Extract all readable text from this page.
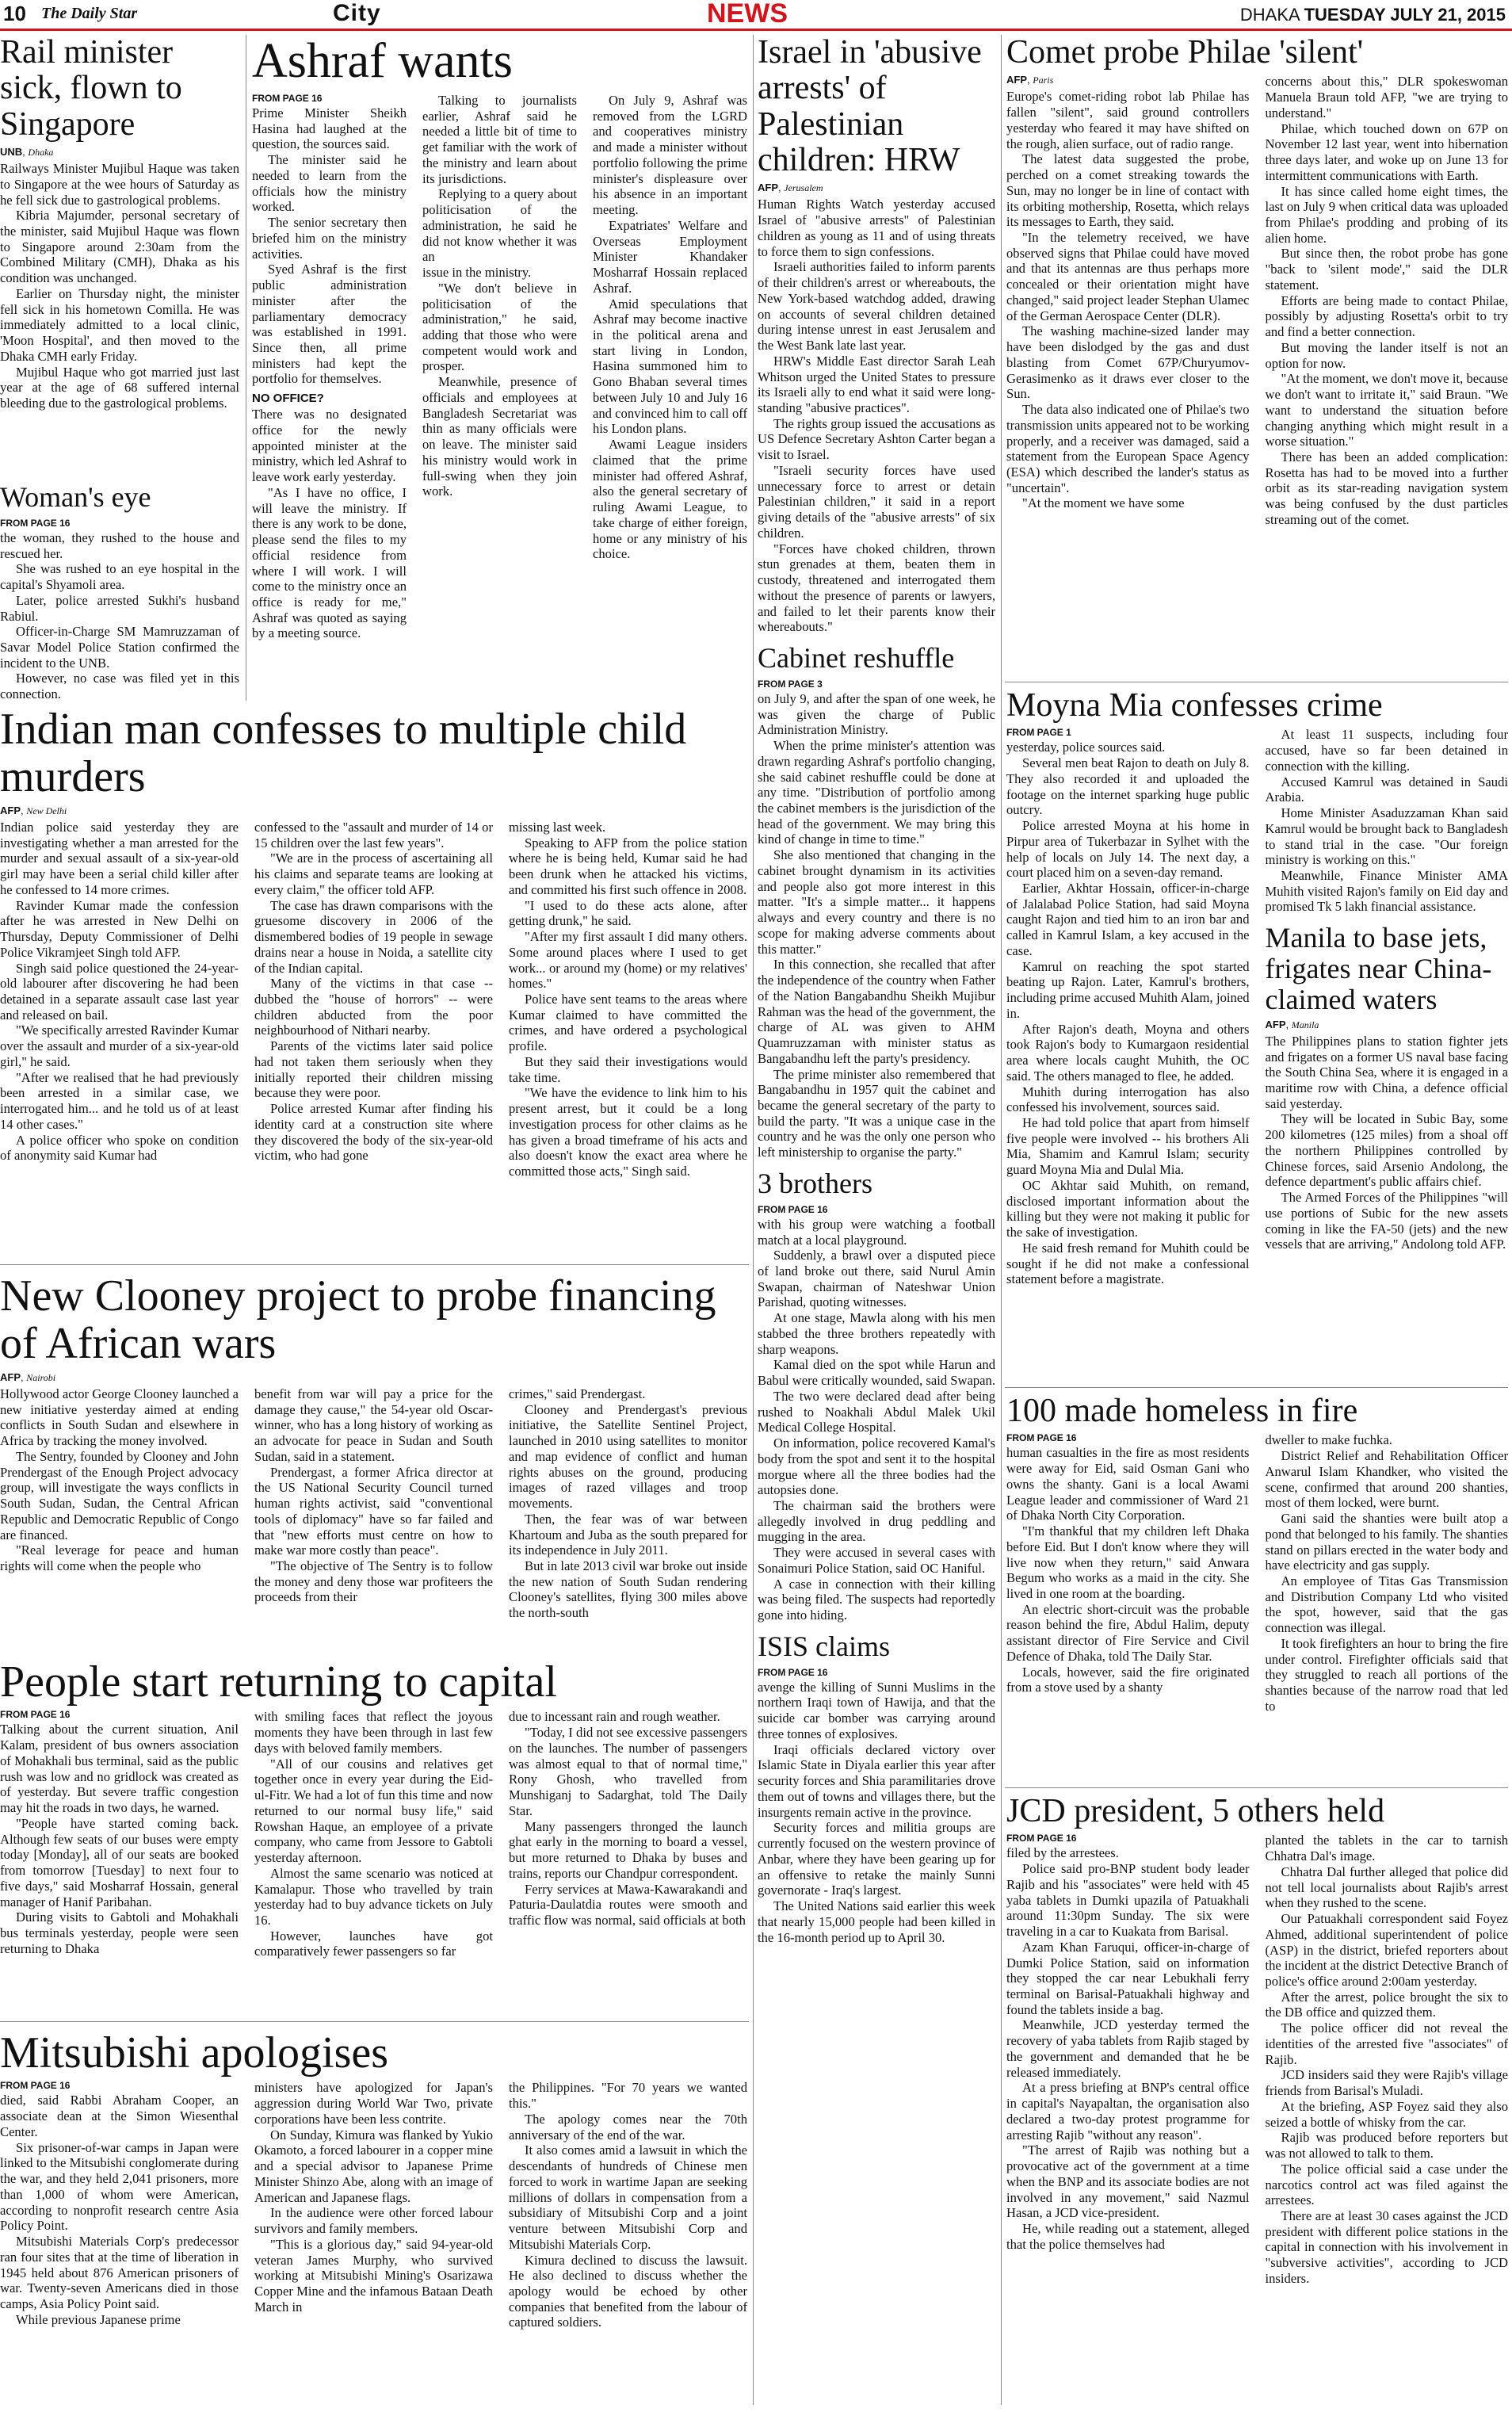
10 The Daily Star	City	NEWS	DHAKA TUESDAY JULY 21, 2015
Rail minister sick, flown to Singapore
UNB, Dhaka

Railways Minister Mujibul Haque was taken to Singapore at the wee hours of Saturday as he fell sick due to gastrological problems.

Kibria Majumder, personal secretary of the minister, said Mujibul Haque was flown to Singapore around 2:30am from the Combined Military (CMH), Dhaka as his condition was unchanged.

Earlier on Thursday night, the minister fell sick in his hometown Comilla. He was immediately admitted to a local clinic, 'Moon Hospital', and then moved to the Dhaka CMH early Friday.

Mujibul Haque who got married just last year at the age of 68 suffered internal bleeding due to the gastrological problems.

Woman's eye
FROM PAGE 16

the woman, they rushed to the house and rescued her.

She was rushed to an eye hospital in the capital's Shyamoli area.

Later, police arrested Sukhi's husband Rabiul.

Officer-in-Charge SM Mamruzzaman of Savar Model Police Station confirmed the incident to the UNB.

However, no case was filed yet in this connection.

Ashraf wants
FROM PAGE 16

Prime Minister Sheikh Hasina had laughed at the question, the sources said.

The minister said he needed to learn from the officials how the ministry worked.

The senior secretary then briefed him on the ministry activities.

Syed Ashraf is the first public administration minister after the parliamentary democracy was established in 1991. Since then, all prime ministers had kept the portfolio for themselves.

NO OFFICE?

There was no designated office for the newly appointed minister at the ministry, which led Ashraf to leave work early yesterday.

"As I have no office, I will leave the ministry. If there is any work to be done, please send the files to my official residence from where I will work. I will come to the ministry once an office is ready for me," Ashraf was quoted as saying by a meeting source.

Talking to journalists earlier, Ashraf said he needed a little bit of time to get familiar with the work of the ministry and learn about its jurisdictions.

Replying to a query about politicisation of the administration, he said he did not know whether it was an

issue in the ministry.

"We don't believe in politicisation of the administration," he said, adding that those who were competent would work and prosper.

Meanwhile, presence of officials and employees at Bangladesh Secretariat was thin as many officials were on leave. The minister said his ministry would work in full-swing when they join work.

On July 9, Ashraf was removed from the LGRD and cooperatives ministry and made a minister without portfolio following the prime minister's displeasure over his absence in an important meeting.

Expatriates' Welfare and Overseas Employment Minister Khandaker Mosharraf Hossain replaced Ashraf.

Amid speculations that Ashraf may become inactive in the political arena and start living in London, Hasina summoned him to Gono Bhaban several times between July 10 and July 16 and convinced him to call off his London plans.

Awami League insiders claimed that the prime minister had offered Ashraf, also the general secretary of ruling Awami League, to take charge of either foreign, home or any ministry of his choice.

Indian man confesses to multiple child murders
AFP, New Delhi

Indian police said yesterday they are investigating whether a man arrested for the murder and sexual assault of a six-year-old girl may have been a serial child killer after he confessed to 14 more crimes.

Ravinder Kumar made the confession after he was arrested in New Delhi on Thursday, Deputy Commissioner of Delhi Police Vikramjeet Singh told AFP.

Singh said police questioned the 24-year-old labourer after discovering he had been detained in a separate assault case last year and released on bail.

"We specifically arrested Ravinder Kumar over the assault and murder of a six-year-old girl," he said.

"After we realised that he had previously been arrested in a similar case, we interrogated him... and he told us of at least 14 other cases."

A police officer who spoke on condition of anonymity said Kumar had

confessed to the "assault and murder of 14 or 15 children over the last few years".

"We are in the process of ascertaining all his claims and separate teams are looking at every claim," the officer told AFP.

The case has drawn comparisons with the gruesome discovery in 2006 of the dismembered bodies of 19 people in sewage drains near a house in Noida, a satellite city of the Indian capital.

Many of the victims in that case -- dubbed the "house of horrors" -- were children abducted from the poor neighbourhood of Nithari nearby.

Parents of the victims later said police had not taken them seriously when they initially reported their children missing because they were poor.

Police arrested Kumar after finding his identity card at a construction site where they discovered the body of the six-year-old victim, who had gone

missing last week.

Speaking to AFP from the police station where he is being held, Kumar said he had been drunk when he attacked his victims, and committed his first such offence in 2008.

"I used to do these acts alone, after getting drunk," he said.

"After my first assault I did many others. Some around places where I used to get work... or around my (home) or my relatives' homes."

Police have sent teams to the areas where Kumar claimed to have committed the crimes, and have ordered a psychological profile.

But they said their investigations would take time.

"We have the evidence to link him to his present arrest, but it could be a long investigation process for other claims as he has given a broad timeframe of his acts and also doesn't know the exact area where he committed those acts," Singh said.

New Clooney project to probe financing of African wars
AFP, Nairobi

Hollywood actor George Clooney launched a new initiative yesterday aimed at ending conflicts in South Sudan and elsewhere in Africa by tracking the money involved.

The Sentry, founded by Clooney and John Prendergast of the Enough Project advocacy group, will investigate the ways conflicts in South Sudan, Sudan, the Central African Republic and Democratic Republic of Congo are financed.

"Real leverage for peace and human rights will come when the people who

benefit from war will pay a price for the damage they cause," the 54-year old Oscar-winner, who has a long history of working as an advocate for peace in Sudan and South Sudan, said in a statement.

Prendergast, a former Africa director at the US National Security Council turned human rights activist, said "conventional tools of diplomacy" have so far failed and that "new efforts must centre on how to make war more costly than peace".

"The objective of The Sentry is to follow the money and deny those war profiteers the proceeds from their

crimes," said Prendergast.

Clooney and Prendergast's previous initiative, the Satellite Sentinel Project, launched in 2010 using satellites to monitor and map evidence of conflict and human rights abuses on the ground, producing images of razed villages and troop movements.

Then, the fear was of war between Khartoum and Juba as the south prepared for its independence in July 2011.

But in late 2013 civil war broke out inside the new nation of South Sudan rendering Clooney's satellites, flying 300 miles above the north-south

People start returning to capital
FROM PAGE 16

Talking about the current situation, Anil Kalam, president of bus owners association of Mohakhali bus terminal, said as the public rush was low and no gridlock was created as of yesterday. But severe traffic congestion may hit the roads in two days, he warned.

"People have started coming back. Although few seats of our buses were empty today [Monday], all of our seats are booked from tomorrow [Tuesday] to next four to five days," said Mosharraf Hossain, general manager of Hanif Paribahan.

During visits to Gabtoli and Mohakhali bus terminals yesterday, people were seen returning to Dhaka

with smiling faces that reflect the joyous moments they have been through in last few days with beloved family members.

"All of our cousins and relatives get together once in every year during the Eid-ul-Fitr. We had a lot of fun this time and now returned to our normal busy life," said Rowshan Haque, an employee of a private company, who came from Jessore to Gabtoli yesterday afternoon.

Almost the same scenario was noticed at Kamalapur. Those who travelled by train yesterday had to buy advance tickets on July 16.

However, launches have got comparatively fewer passengers so far

due to incessant rain and rough weather.

"Today, I did not see excessive passengers on the launches. The number of passengers was almost equal to that of normal time," Rony Ghosh, who travelled from Munshiganj to Sadarghat, told The Daily Star.

Many passengers thronged the launch ghat early in the morning to board a vessel, but more returned to Dhaka by buses and trains, reports our Chandpur correspondent.

Ferry services at Mawa-Kawarakandi and Paturia-Daulatdia routes were smooth and traffic flow was normal, said officials at both

Mitsubishi apologises
FROM PAGE 16

died, said Rabbi Abraham Cooper, an associate dean at the Simon Wiesenthal Center.

Six prisoner-of-war camps in Japan were linked to the Mitsubishi conglomerate during the war, and they held 2,041 prisoners, more than 1,000 of whom were American, according to nonprofit research centre Asia Policy Point.

Mitsubishi Materials Corp's predecessor ran four sites that at the time of liberation in 1945 held about 876 American prisoners of war. Twenty-seven Americans died in those camps, Asia Policy Point said.

While previous Japanese prime

ministers have apologized for Japan's aggression during World War Two, private corporations have been less contrite.

On Sunday, Kimura was flanked by Yukio Okamoto, a forced labourer in a copper mine and a special advisor to Japanese Prime Minister Shinzo Abe, along with an image of American and Japanese flags.

In the audience were other forced labour survivors and family members.

"This is a glorious day," said 94-year-old veteran James Murphy, who survived working at Mitsubishi Mining's Osarizawa Copper Mine and the infamous Bataan Death March in

the Philippines. "For 70 years we wanted this."

The apology comes near the 70th anniversary of the end of the war.

It also comes amid a lawsuit in which the descendants of hundreds of Chinese men forced to work in wartime Japan are seeking millions of dollars in compensation from a subsidiary of Mitsubishi Corp and a joint venture between Mitsubishi Corp and Mitsubishi Materials Corp.

Kimura declined to discuss the lawsuit. He also declined to discuss whether the apology would be echoed by other companies that benefited from the labour of captured soldiers.

Israel in 'abusive arrests' of Palestinian children: HRW
AFP, Jerusalem

Human Rights Watch yesterday accused Israel of "abusive arrests" of Palestinian children as young as 11 and of using threats to force them to sign confessions.

Israeli authorities failed to inform parents of their children's arrest or whereabouts, the New York-based watchdog added, drawing on accounts of several children detained during intense unrest in east Jerusalem and the West Bank late last year.

HRW's Middle East director Sarah Leah Whitson urged the United States to pressure its Israeli ally to end what it said were long-standing "abusive practices".

The rights group issued the accusations as US Defence Secretary Ashton Carter began a visit to Israel.

"Israeli security forces have used unnecessary force to arrest or detain Palestinian children," it said in a report giving details of the "abusive arrests" of six children.

"Forces have choked children, thrown stun grenades at them, beaten them in custody, threatened and interrogated them without the presence of parents or lawyers, and failed to let their parents know their whereabouts."

Cabinet reshuffle
FROM PAGE 3

on July 9, and after the span of one week, he was given the charge of Public Administration Ministry.

When the prime minister's attention was drawn regarding Ashraf's portfolio changing, she said cabinet reshuffle could be done at any time. "Distribution of portfolio among the cabinet members is the jurisdiction of the head of the government. We may bring this kind of change in time to time."

She also mentioned that changing in the cabinet brought dynamism in its activities and people also got more interest in this matter. "It's a simple matter... it happens always and every country and there is no scope for making adverse comments about this matter."

In this connection, she recalled that after the independence of the country when Father of the Nation Bangabandhu Sheikh Mujibur Rahman was the head of the government, the charge of AL was given to AHM Quamruzzaman with minister status as Bangabandhu left the party's presidency.

The prime minister also remembered that Bangabandhu in 1957 quit the cabinet and became the general secretary of the party to build the party. "It was a unique case in the country and he was the only one person who left ministership to organise the party."

3 brothers
FROM PAGE 16

with his group were watching a football match at a local playground.

Suddenly, a brawl over a disputed piece of land broke out there, said Nurul Amin Swapan, chairman of Nateshwar Union Parishad, quoting witnesses.

At one stage, Mawla along with his men stabbed the three brothers repeatedly with sharp weapons.

Kamal died on the spot while Harun and Babul were critically wounded, said Swapan.

The two were declared dead after being rushed to Noakhali Abdul Malek Ukil Medical College Hospital.

On information, police recovered Kamal's body from the spot and sent it to the hospital morgue where all the three bodies had the autopsies done.

The chairman said the brothers were allegedly involved in drug peddling and mugging in the area.

They were accused in several cases with Sonaimuri Police Station, said OC Haniful.

A case in connection with their killing was being filed. The suspects had reportedly gone into hiding.

ISIS claims
FROM PAGE 16

avenge the killing of Sunni Muslims in the northern Iraqi town of Hawija, and that the suicide car bomber was carrying around three tonnes of explosives.

Iraqi officials declared victory over Islamic State in Diyala earlier this year after security forces and Shia paramilitaries drove them out of towns and villages there, but the insurgents remain active in the province.

Security forces and militia groups are currently focused on the western province of Anbar, where they have been gearing up for an offensive to retake the mainly Sunni governorate - Iraq's largest.

The United Nations said earlier this week that nearly 15,000 people had been killed in the 16-month period up to April 30.

Comet probe Philae 'silent'
AFP, Paris

Europe's comet-riding robot lab Philae has fallen "silent", said ground controllers yesterday who feared it may have shifted on the rough, alien surface, out of radio range.

The latest data suggested the probe, perched on a comet streaking towards the Sun, may no longer be in line of contact with its orbiting mothership, Rosetta, which relays its messages to Earth, they said.

"In the telemetry received, we have observed signs that Philae could have moved and that its antennas are thus perhaps more concealed or their orientation might have changed," said project leader Stephan Ulamec of the German Aerospace Center (DLR).

The washing machine-sized lander may have been dislodged by the gas and dust blasting from Comet 67P/Churyumov-Gerasimenko as it draws ever closer to the Sun.

The data also indicated one of Philae's two transmission units appeared not to be working properly, and a receiver was damaged, said a statement from the European Space Agency (ESA) which described the lander's status as "uncertain".

"At the moment we have some

concerns about this," DLR spokeswoman Manuela Braun told AFP, "we are trying to understand."

Philae, which touched down on 67P on November 12 last year, went into hibernation three days later, and woke up on June 13 for intermittent communications with Earth.

It has since called home eight times, the last on July 9 when critical data was uploaded from Philae's prodding and probing of its alien home.

But since then, the robot probe has gone "back to 'silent mode'," said the DLR statement.

Efforts are being made to contact Philae, possibly by adjusting Rosetta's orbit to try and find a better connection.

But moving the lander itself is not an option for now.

"At the moment, we don't move it, because we don't want to irritate it," said Braun. "We want to understand the situation before changing anything which might result in a worse situation."

There has been an added complication: Rosetta has had to be moved into a further orbit as its star-reading navigation system was being confused by the dust particles streaming out of the comet.

Moyna Mia confesses crime
FROM PAGE 1

yesterday, police sources said.

Several men beat Rajon to death on July 8. They also recorded it and uploaded the footage on the internet sparking huge public outcry.

Police arrested Moyna at his home in Pirpur area of Tukerbazar in Sylhet with the help of locals on July 14. The next day, a court placed him on a seven-day remand.

Earlier, Akhtar Hossain, officer-in-charge of Jalalabad Police Station, had said Moyna caught Rajon and tied him to an iron bar and called in Kamrul Islam, a key accused in the case.

Kamrul on reaching the spot started beating up Rajon. Later, Kamrul's brothers, including prime accused Muhith Alam, joined in.

After Rajon's death, Moyna and others took Rajon's body to Kumargaon residential area where locals caught Muhith, the OC said. The others managed to flee, he added.

Muhith during interrogation has also confessed his involvement, sources said.

He had told police that apart from himself five people were involved -- his brothers Ali Mia, Shamim and Kamrul Islam; security guard Moyna Mia and Dulal Mia.

OC Akhtar said Muhith, on remand, disclosed important information about the killing but they were not making it public for the sake of investigation.

He said fresh remand for Muhith could be sought if he did not make a confessional statement before a magistrate.

At least 11 suspects, including four accused, have so far been detained in connection with the killing.

Accused Kamrul was detained in Saudi Arabia.

Home Minister Asaduzzaman Khan said Kamrul would be brought back to Bangladesh to stand trial in the case. "Our foreign ministry is working on this."

Meanwhile, Finance Minister AMA Muhith visited Rajon's family on Eid day and promised Tk 5 lakh financial assistance.

Manila to base jets, frigates near China-claimed waters
AFP, Manila

The Philippines plans to station fighter jets and frigates on a former US naval base facing the South China Sea, where it is engaged in a maritime row with China, a defence official said yesterday.

They will be located in Subic Bay, some 200 kilometres (125 miles) from a shoal off the northern Philippines controlled by Chinese forces, said Arsenio Andolong, the defence department's public affairs chief.

The Armed Forces of the Philippines "will use portions of Subic for the new assets coming in like the FA-50 (jets) and the new vessels that are arriving," Andolong told AFP.

100 made homeless in fire
FROM PAGE 16

human casualties in the fire as most residents were away for Eid, said Osman Gani who owns the shanty. Gani is a local Awami League leader and commissioner of Ward 21 of Dhaka North City Corporation.

"I'm thankful that my children left Dhaka before Eid. But I don't know where they will live now when they return," said Anwara Begum who works as a maid in the city. She lived in one room at the boarding.

An electric short-circuit was the probable reason behind the fire, Abdul Halim, deputy assistant director of Fire Service and Civil Defence of Dhaka, told The Daily Star.

Locals, however, said the fire originated from a stove used by a shanty

dweller to make fuchka.

District Relief and Rehabilitation Officer Anwarul Islam Khandker, who visited the scene, confirmed that around 200 shanties, most of them locked, were burnt.

Gani said the shanties were built atop a pond that belonged to his family. The shanties stand on pillars erected in the water body and have electricity and gas supply.

An employee of Titas Gas Transmission and Distribution Company Ltd who visited the spot, however, said that the gas connection was illegal.

It took firefighters an hour to bring the fire under control. Firefighter officials said that they struggled to reach all portions of the shanties because of the narrow road that led to

JCD president, 5 others held
FROM PAGE 16

filed by the arrestees.

Police said pro-BNP student body leader Rajib and his "associates" were held with 45 yaba tablets in Dumki upazila of Patuakhali around 11:30pm Sunday. The six were traveling in a car to Kuakata from Barisal.

Azam Khan Faruqui, officer-in-charge of Dumki Police Station, said on information they stopped the car near Lebukhali ferry terminal on Barisal-Patuakhali highway and found the tablets inside a bag.

Meanwhile, JCD yesterday termed the recovery of yaba tablets from Rajib staged by the government and demanded that he be released immediately.

At a press briefing at BNP's central office in capital's Nayapaltan, the organisation also declared a two-day protest programme for arresting Rajib "without any reason".

"The arrest of Rajib was nothing but a provocative act of the government at a time when the BNP and its associate bodies are not involved in any movement," said Nazmul Hasan, a JCD vice-president.

He, while reading out a statement, alleged that the police themselves had

planted the tablets in the car to tarnish Chhatra Dal's image.

Chhatra Dal further alleged that police did not tell local journalists about Rajib's arrest when they rushed to the scene.

Our Patuakhali correspondent said Foyez Ahmed, additional superintendent of police (ASP) in the district, briefed reporters about the incident at the district Detective Branch of police's office around 2:00am yesterday.

After the arrest, police brought the six to the DB office and quizzed them.

The police officer did not reveal the identities of the arrested five "associates" of Rajib.

JCD insiders said they were Rajib's village friends from Barisal's Muladi.

At the briefing, ASP Foyez said they also seized a bottle of whisky from the car.

Rajib was produced before reporters but was not allowed to talk to them.

The police official said a case under the narcotics control act was filed against the arrestees.

There are at least 30 cases against the JCD president with different police stations in the capital in connection with his involvement in "subversive activities", according to JCD insiders.
